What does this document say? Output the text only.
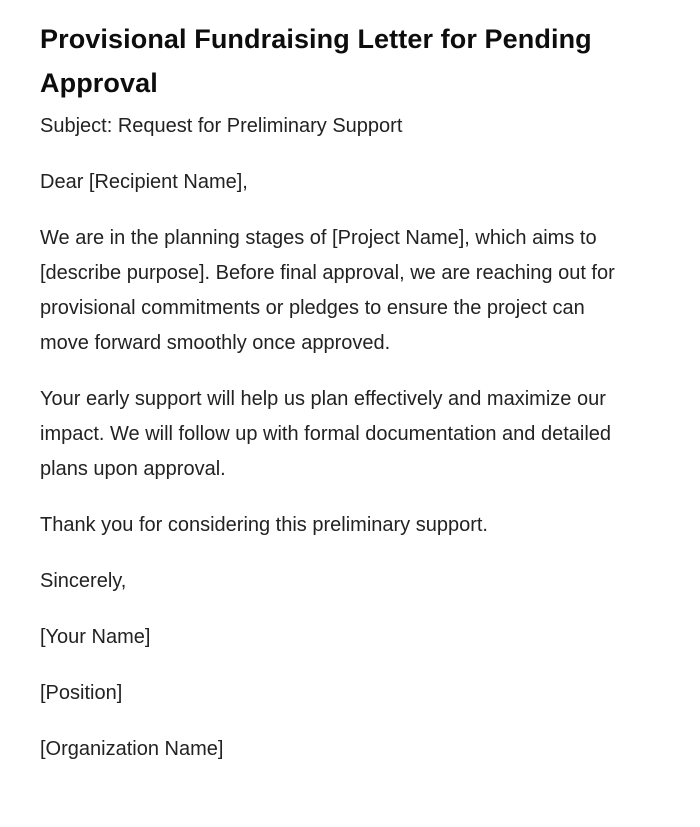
Provisional Fundraising Letter for Pending Approval

Subject: Request for Preliminary Support

Dear [Recipient Name],

We are in the planning stages of [Project Name], which aims to [describe purpose]. Before final approval, we are reaching out for provisional commitments or pledges to ensure the project can move forward smoothly once approved.

Your early support will help us plan effectively and maximize our impact. We will follow up with formal documentation and detailed plans upon approval.

Thank you for considering this preliminary support.

Sincerely,

[Your Name]

[Position]

[Organization Name]
